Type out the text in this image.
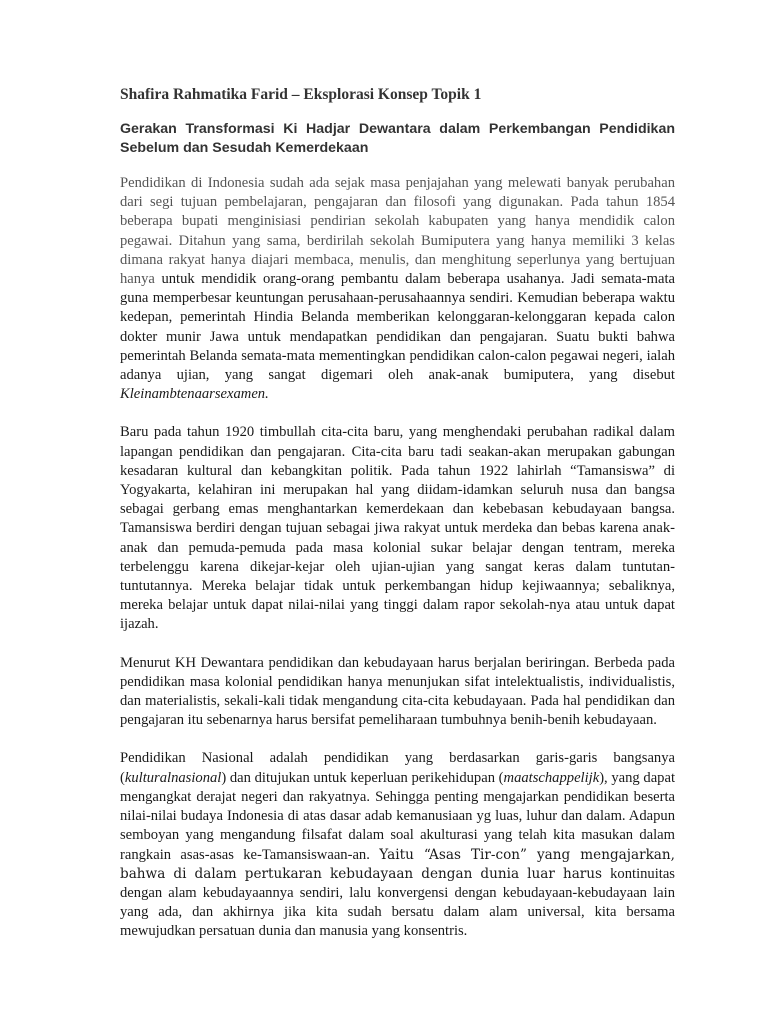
Shafira Rahmatika Farid – Eksplorasi Konsep Topik 1
Gerakan Transformasi Ki Hadjar Dewantara dalam Perkembangan Pendidikan Sebelum dan Sesudah Kemerdekaan

Pendidikan di Indonesia sudah ada sejak masa penjajahan yang melewati banyak perubahan dari segi tujuan pembelajaran, pengajaran dan filosofi yang digunakan. Pada tahun 1854 beberapa bupati menginisiasi pendirian sekolah kabupaten yang hanya mendidik calon pegawai. Ditahun yang sama, berdirilah sekolah Bumiputera yang hanya memiliki 3 kelas dimana rakyat hanya diajari membaca, menulis, dan menghitung seperlunya yang bertujuan hanya untuk mendidik orang-orang pembantu dalam beberapa usahanya. Jadi semata-mata guna memperbesar keuntungan perusahaan-perusahaannya sendiri. Kemudian beberapa waktu kedepan, pemerintah Hindia Belanda memberikan kelonggaran-kelonggaran kepada calon dokter munir Jawa untuk mendapatkan pendidikan dan pengajaran. Suatu bukti bahwa pemerintah Belanda semata-mata mementingkan pendidikan calon-calon pegawai negeri, ialah adanya ujian, yang sangat digemari oleh anak-anak bumiputera, yang disebut Kleinambtenaarsexamen.

Baru pada tahun 1920 timbullah cita-cita baru, yang menghendaki perubahan radikal dalam lapangan pendidikan dan pengajaran. Cita-cita baru tadi seakan-akan merupakan gabungan kesadaran kultural dan kebangkitan politik. Pada tahun 1922 lahirlah “Tamansiswa” di Yogyakarta, kelahiran ini merupakan hal yang diidam-idamkan seluruh nusa dan bangsa sebagai gerbang emas menghantarkan kemerdekaan dan kebebasan kebudayaan bangsa. Tamansiswa berdiri dengan tujuan sebagai jiwa rakyat untuk merdeka dan bebas karena anak-anak dan pemuda-pemuda pada masa kolonial sukar belajar dengan tentram, mereka terbelenggu karena dikejar-kejar oleh ujian-ujian yang sangat keras dalam tuntutan-tuntutannya. Mereka belajar tidak untuk perkembangan hidup kejiwaannya; sebaliknya, mereka belajar untuk dapat nilai-nilai yang tinggi dalam rapor sekolah-nya atau untuk dapat ijazah.

Menurut KH Dewantara pendidikan dan kebudayaan harus berjalan beriringan. Berbeda pada pendidikan masa kolonial pendidikan hanya menunjukan sifat intelektualistis, individualistis, dan materialistis, sekali-kali tidak mengandung cita-cita kebudayaan. Pada hal pendidikan dan pengajaran itu sebenarnya harus bersifat pemeliharaan tumbuhnya benih-benih kebudayaan.

Pendidikan Nasional adalah pendidikan yang berdasarkan garis-garis bangsanya (kulturalnasional) dan ditujukan untuk keperluan perikehidupan (maatschappelijk), yang dapat mengangkat derajat negeri dan rakyatnya. Sehingga penting mengajarkan pendidikan beserta nilai-nilai budaya Indonesia di atas dasar adab kemanusiaan yg luas, luhur dan dalam. Adapun semboyan yang mengandung filsafat dalam soal akulturasi yang telah kita masukan dalam rangkain asas-asas ke-Tamansiswaan-an. Yaitu “Asas Tir-con” yang mengajarkan, bahwa di dalam pertukaran kebudayaan dengan dunia luar harus kontinuitas dengan alam kebudayaannya sendiri, lalu konvergensi dengan kebudayaan-kebudayaan lain yang ada, dan akhirnya jika kita sudah bersatu dalam alam universal, kita bersama mewujudkan persatuan dunia dan manusia yang konsentris.
